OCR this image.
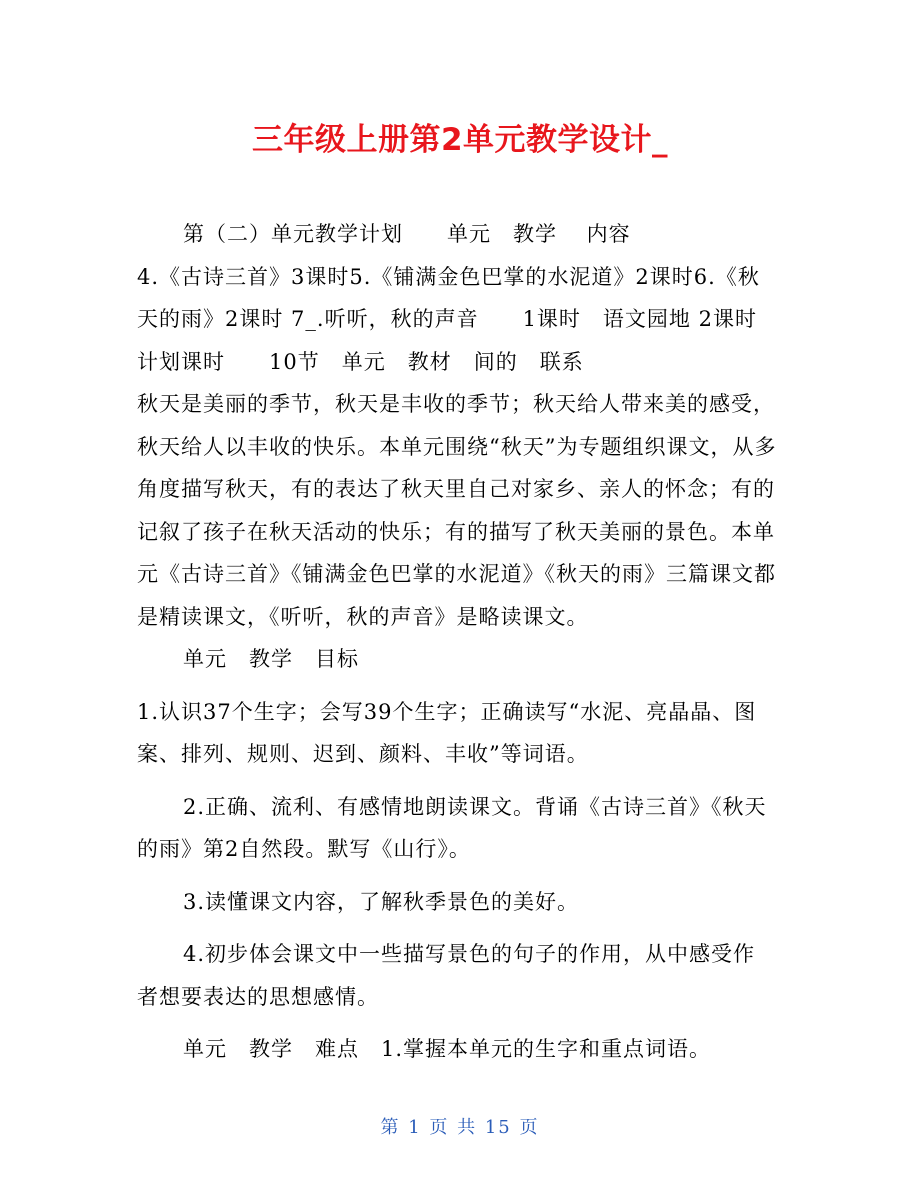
三年级上册第2单元教学设计_

第（二）单元教学计划　　单元　教学　 内容

4.《古诗三首》3课时5.《铺满金色巴掌的水泥道》2课时6.《秋天的雨》2课时 7_.听听，秋的声音　　1课时　语文园地 2课时　计划课时　　10节　单元　教材　间的　联系

秋天是美丽的季节，秋天是丰收的季节；秋天给人带来美的感受，秋天给人以丰收的快乐。本单元围绕“秋天”为专题组织课文，从多角度描写秋天，有的表达了秋天里自己对家乡、亲人的怀念；有的记叙了孩子在秋天活动的快乐；有的描写了秋天美丽的景色。本单元《古诗三首》《铺满金色巴掌的水泥道》《秋天的雨》三篇课文都是精读课文，《听听，秋的声音》是略读课文。

单元　教学　目标

1.认识37个生字；会写39个生字；正确读写“水泥、亮晶晶、图案、排列、规则、迟到、颜料、丰收”等词语。

2.正确、流利、有感情地朗读课文。背诵《古诗三首》《秋天的雨》第2自然段。默写《山行》。

3.读懂课文内容，了解秋季景色的美好。

4.初步体会课文中一些描写景色的句子的作用，从中感受作者想要表达的思想感情。

单元　教学　难点　1.掌握本单元的生字和重点词语。

第 1 页 共 15 页
